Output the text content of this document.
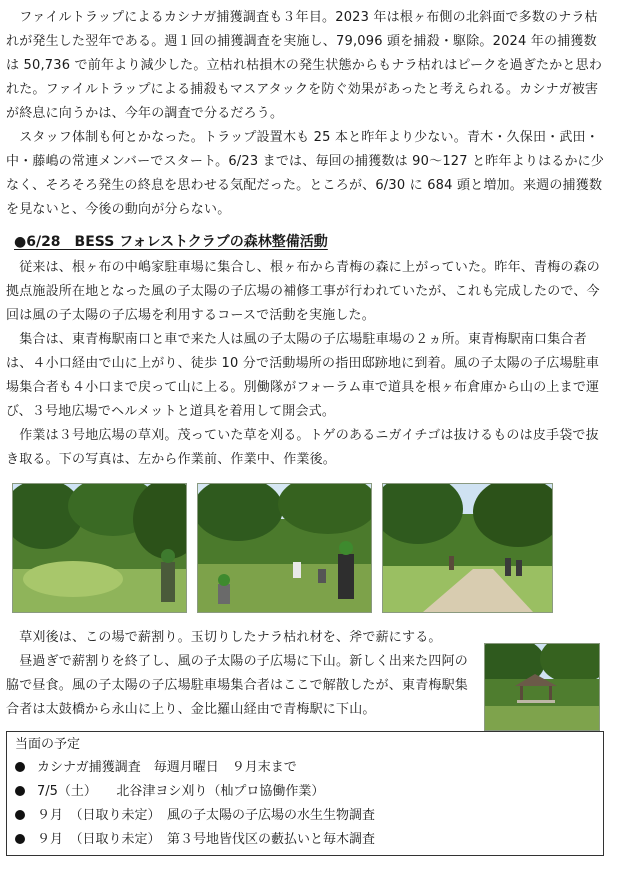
　ファイルトラップによるカシナガ捕獲調査も３年目。2023 年は根ヶ布側の北斜面で多数のナラ枯れが発生した翌年である。週１回の捕獲調査を実施し、79,096 頭を捕殺・駆除。2024 年の捕獲数は 50,736 で前年より減少した。立枯れ枯損木の発生状態からもナラ枯れはピークを過ぎたかと思われた。ファイルトラップによる捕殺もマスアタックを防ぐ効果があったと考えられる。カシナガ被害が終息に向うかは、今年の調査で分るだろう。

　スタッフ体制も何とかなった。トラップ設置木も 25 本と昨年より少ない。青木・久保田・武田・中・藤嶋の常連メンバーでスタート。6/23 までは、毎回の捕獲数は 90〜127 と昨年よりはるかに少なく、そろそろ発生の終息を思わせる気配だった。ところが、6/30 に 684 頭と増加。来週の捕獲数を見ないと、今後の動向が分らない。

●6/28　BESS フォレストクラブの森林整備活動

　従来は、根ヶ布の中嶋家駐車場に集合し、根ヶ布から青梅の森に上がっていた。昨年、青梅の森の拠点施設所在地となった風の子太陽の子広場の補修工事が行われていたが、これも完成したので、今回は風の子太陽の子広場を利用するコースで活動を実施した。

　集合は、東青梅駅南口と車で来た人は風の子太陽の子広場駐車場の２ヵ所。東青梅駅南口集合者は、４小口経由で山に上がり、徒歩 10 分で活動場所の指田邸跡地に到着。風の子太陽の子広場駐車場集合者も４小口まで戻って山に上る。別働隊がフォーラム車で道具を根ヶ布倉庫から山の上まで運び、３号地広場でヘルメットと道具を着用して開会式。

　作業は３号地広場の草刈。茂っていた草を刈る。トゲのあるニガイチゴは抜けるものは皮手袋で抜き取る。下の写真は、左から作業前、作業中、作業後。

　草刈後は、この場で薪割り。玉切りしたナラ枯れ材を、斧で薪にする。

　昼過ぎで薪割りを終了し、風の子太陽の子広場に下山。新しく出来た四阿の脇で昼食。風の子太陽の子広場駐車場集合者はここで解散したが、東青梅駅集合者は太鼓橋から永山に上り、金比羅山経由で青梅駅に下山。

当面の予定
カシナガ捕獲調査　毎週月曜日　９月末まで
7/5（土）　　北谷津ヨシ刈り（杣プロ協働作業）
９月　（日取り未定）　風の子太陽の子広場の水生生物調査
９月　（日取り未定）　第３号地皆伐区の藪払いと毎木調査
